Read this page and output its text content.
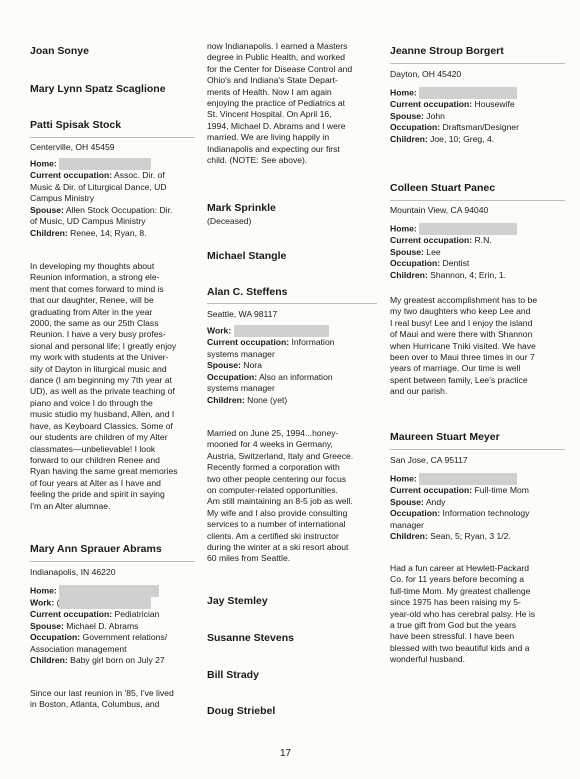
Joan Sonye
Mary Lynn Spatz Scaglione
Patti Spisak Stock
Centerville, OH 45459
Home:
Current occupation: Assoc. Dir. of
Music & Dir. of Liturgical Dance, UD
Campus Ministry
Spouse: Allen Stock Occupation: Dir.
of Music, UD Campus Ministry
Children: Renee, 14; Ryan, 8.
In developing my thoughts about
Reunion information, a strong ele-
ment that comes forward to mind is
that our daughter, Renee, will be
graduating from Alter in the year
2000, the same as our 25th Class
Reunion. I have a very busy profes-
sional and personal life; I greatly enjoy
my work with students at the Univer-
sity of Dayton in liturgical music and
dance (I am beginning my 7th year at
UD), as well as the private teaching of
piano and voice I do through the
music studio my husband, Allen, and I
have, as Keyboard Classics. Some of
our students are children of my Alter
classmates—unbelievable! I look
forward to our children Renee and
Ryan having the same great memories
of four years at Alter as I have and
feeling the pride and spirit in saying
I'm an Alter alumnae.
Mary Ann Sprauer Abrams
Indianapolis, IN 46220
Home:
Work: (
Current occupation: Pediatrician
Spouse: Michael D. Abrams
Occupation: Government relations/
Association management
Children: Baby girl born on July 27
Since our last reunion in '85, I've lived
in Boston, Atlanta, Columbus, and
now Indianapolis. I earned a Masters
degree in Public Health, and worked
for the Center for Disease Control and
Ohio's and Indiana's State Depart-
ments of Health. Now I am again
enjoying the practice of Pediatrics at
St. Vincent Hospital. On April 16,
1994, Michael D. Abrams and I were
married. We are living happily in
Indianapolis and expecting our first
child. (NOTE: See above).
Mark Sprinkle
(Deceased)
Michael Stangle
Alan C. Steffens
Seattle, WA 98117
Work:
Current occupation: Information
systems manager
Spouse: Nora
Occupation: Also an information
systems manager
Children: None (yet)
Married on June 25, 1994...honey-
mooned for 4 weeks in Germany,
Austria, Switzerland, Italy and Greece.
Recently formed a corporation with
two other people centering our focus
on computer-related opportunities.
Am still maintaining an 8-5 job as well.
My wife and I also provide consulting
services to a number of international
clients. Am a certified ski instructor
during the winter at a ski resort about
60 miles from Seattle.
Jay Stemley
Susanne Stevens
Bill Strady
Doug Striebel
Jeanne Stroup Borgert
Dayton, OH 45420
Home:
Current occupation: Housewife
Spouse: John
Occupation: Draftsman/Designer
Children: Joe, 10; Greg, 4.
Colleen Stuart Panec
Mountain View, CA 94040
Home:
Current occupation: R.N.
Spouse: Lee
Occupation: Dentist
Children: Shannon, 4; Erin, 1.
My greatest accomplishment has to be
my two daughters who keep Lee and
I real busy! Lee and I enjoy the island
of Maui and were there with Shannon
when Hurricane Tniki visited. We have
been over to Maui three times in our 7
years of marriage. Our time is well
spent between family, Lee's practice
and our parish.
Maureen Stuart Meyer
San Jose, CA 95117
Home:
Current occupation: Full-time Mom
Spouse: Andy
Occupation: Information technology
manager
Children: Sean, 5; Ryan, 3 1/2.
Had a fun career at Hewlett-Packard
Co. for 11 years before becoming a
full-time Mom. My greatest challenge
since 1975 has been raising my 5-
year-old who has cerebral palsy. He is
a true gift from God but the years
have been stressful. I have been
blessed with two beautiful kids and a
wonderful husband.
17
